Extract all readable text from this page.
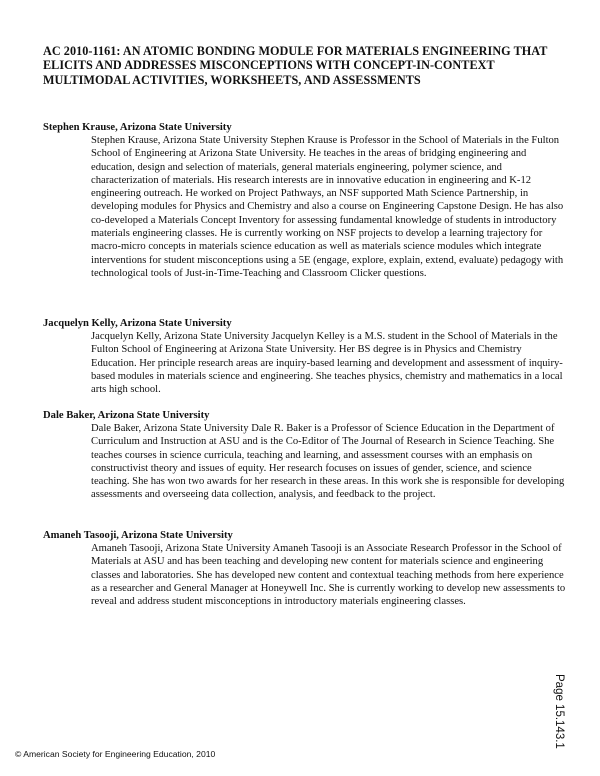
AC 2010-1161: AN ATOMIC BONDING MODULE FOR MATERIALS ENGINEERING THAT ELICITS AND ADDRESSES MISCONCEPTIONS WITH CONCEPT-IN-CONTEXT MULTIMODAL ACTIVITIES, WORKSHEETS, AND ASSESSMENTS

Stephen Krause, Arizona State University

Stephen Krause, Arizona State University Stephen Krause is Professor in the School of Materials in the Fulton School of Engineering at Arizona State University. He teaches in the areas of bridging engineering and education, design and selection of materials, general materials engineering, polymer science, and characterization of materials. His research interests are in innovative education in engineering and K-12 engineering outreach. He worked on Project Pathways, an NSF supported Math Science Partnership, in developing modules for Physics and Chemistry and also a course on Engineering Capstone Design. He has also co-developed a Materials Concept Inventory for assessing fundamental knowledge of students in introductory materials engineering classes. He is currently working on NSF projects to develop a learning trajectory for macro-micro concepts in materials science education as well as materials science modules which integrate interventions for student misconceptions using a 5E (engage, explore, explain, extend, evaluate) pedagogy with technological tools of Just-in-Time-Teaching and Classroom Clicker questions.

Jacquelyn Kelly, Arizona State University

Jacquelyn Kelly, Arizona State University Jacquelyn Kelley is a M.S. student in the School of Materials in the Fulton School of Engineering at Arizona State University. Her BS degree is in Physics and Chemistry Education. Her principle research areas are inquiry-based learning and development and assessment of inquiry-based modules in materials science and engineering. She teaches physics, chemistry and mathematics in a local arts high school.

Dale Baker, Arizona State University

Dale Baker, Arizona State University Dale R. Baker is a Professor of Science Education in the Department of Curriculum and Instruction at ASU and is the Co-Editor of The Journal of Research in Science Teaching. She teaches courses in science curricula, teaching and learning, and assessment courses with an emphasis on constructivist theory and issues of equity. Her research focuses on issues of gender, science, and science teaching. She has won two awards for her research in these areas. In this work she is responsible for developing assessments and overseeing data collection, analysis, and feedback to the project.

Amaneh Tasooji, Arizona State University

Amaneh Tasooji, Arizona State University Amaneh Tasooji is an Associate Research Professor in the School of Materials at ASU and has been teaching and developing new content for materials science and engineering classes and laboratories. She has developed new content and contextual teaching methods from here experience as a researcher and General Manager at Honeywell Inc. She is currently working to develop new assessments to reveal and address student misconceptions in introductory materials engineering classes.

Page 15.143.1
© American Society for Engineering Education, 2010
